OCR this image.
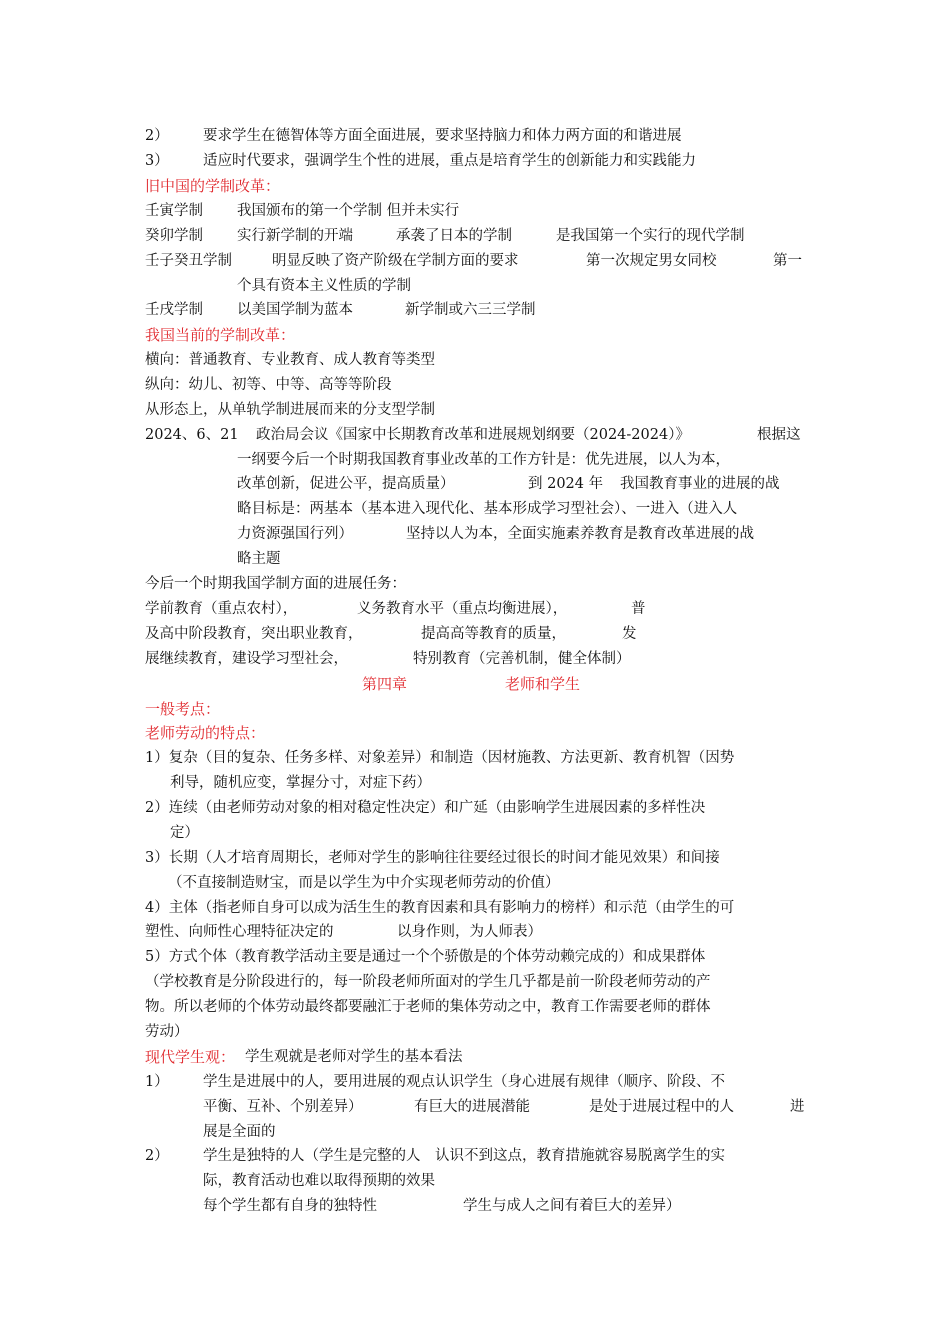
2） 要求学生在德智体等方面全面进展，要求坚持脑力和体力两方面的和谐进展
3） 适应时代要求，强调学生个性的进展，重点是培育学生的创新能力和实践能力
旧中国的学制改革：
壬寅学制 我国颁布的第一个学制 但并未实行
癸卯学制 实行新学制的开端	承袭了日本的学制	是我国第一个实行的现代学制
壬子癸丑学制	明显反映了资产阶级在学制方面的要求	第一次规定男女同校	第一
个具有资本主义性质的学制
壬戌学制 以美国学制为蓝本	新学制或六三三学制
我国当前的学制改革：
横向：普通教育、专业教育、成人教育等类型
纵向：幼儿、初等、中等、高等等阶段
从形态上，从单轨学制进展而来的分支型学制
2024、6、21 政治局会议《国家中长期教育改革和进展规划纲要（2024-2024）》	根据这
一纲要今后一个时期我国教育事业改革的工作方针是：优先进展，以人为本，
改革创新，促进公平，提高质量）	到 2024 年 我国教育事业的进展的战
略目标是：两基本（基本进入现代化、基本形成学习型社会）、一进入（进入人
力资源强国行列）	坚持以人为本，全面实施素养教育是教育改革进展的战
略主题
今后一个时期我国学制方面的进展任务：
学前教育（重点农村），	义务教育水平（重点均衡进展），	普
及高中阶段教育，突出职业教育，	提高高等教育的质量，	发
展继续教育，建设学习型社会，	特别教育（完善机制，健全体制）
第四章	老师和学生
一般考点：
老师劳动的特点：
1）复杂（目的复杂、任务多样、对象差异）和制造（因材施教、方法更新、教育机智（因势
利导，随机应变，掌握分寸，对症下药）
2）连续（由老师劳动对象的相对稳定性决定）和广延（由影响学生进展因素的多样性决
定）
3）长期（人才培育周期长，老师对学生的影响往往要经过很长的时间才能见效果）和间接
（不直接制造财宝，而是以学生为中介实现老师劳动的价值）
4）主体（指老师自身可以成为活生生的教育因素和具有影响力的榜样）和示范（由学生的可
塑性、向师性心理特征决定的	以身作则，为人师表）
5）方式个体（教育教学活动主要是通过一个个骄傲是的个体劳动赖完成的）和成果群体
（学校教育是分阶段进行的，每一阶段老师所面对的学生几乎都是前一阶段老师劳动的产
物。所以老师的个体劳动最终都要融汇于老师的集体劳动之中，教育工作需要老师的群体
劳动）
现代学生观： 学生观就是老师对学生的基本看法
1） 学生是进展中的人，要用进展的观点认识学生（身心进展有规律（顺序、阶段、不
平衡、互补、个别差异）	有巨大的进展潜能	是处于进展过程中的人	进
展是全面的
2） 学生是独特的人（学生是完整的人　认识不到这点，教育措施就容易脱离学生的实
际，教育活动也难以取得预期的效果
每个学生都有自身的独特性	学生与成人之间有着巨大的差异）
